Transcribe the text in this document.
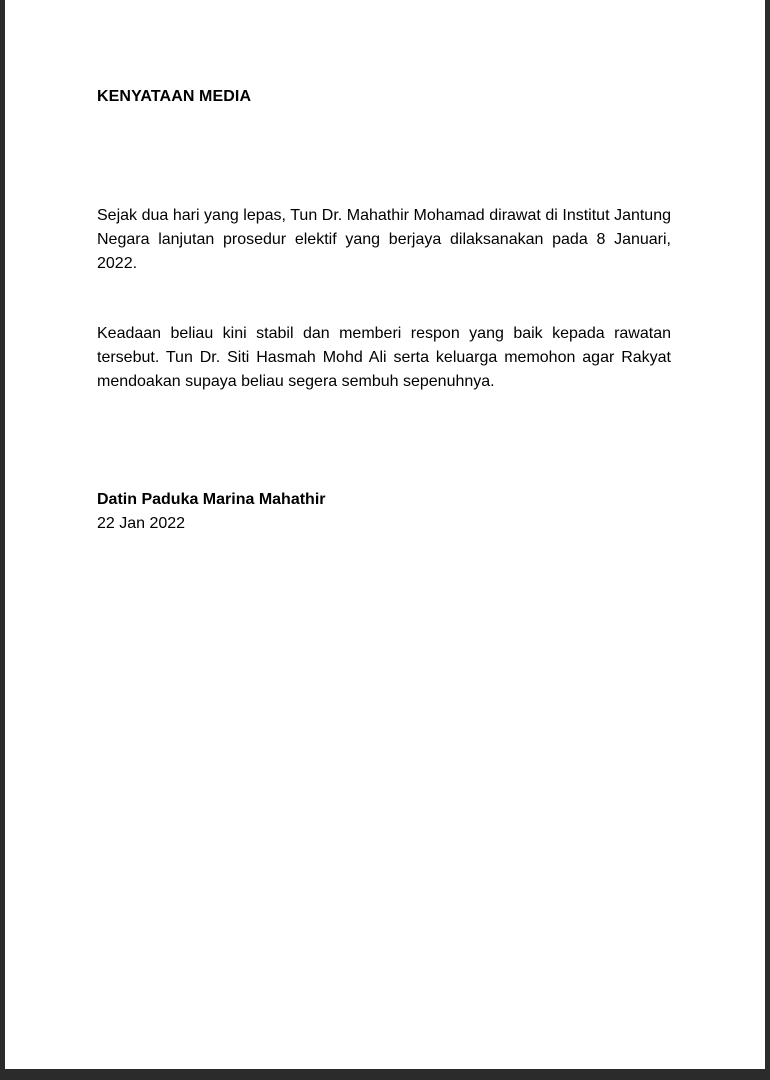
KENYATAAN MEDIA

Sejak dua hari yang lepas, Tun Dr. Mahathir Mohamad dirawat di Institut Jantung Negara lanjutan prosedur elektif yang berjaya dilaksanakan pada 8 Januari, 2022.

Keadaan beliau kini stabil dan memberi respon yang baik kepada rawatan tersebut. Tun Dr. Siti Hasmah Mohd Ali serta keluarga memohon agar Rakyat mendoakan supaya beliau segera sembuh sepenuhnya.

Datin Paduka Marina Mahathir
22 Jan 2022
